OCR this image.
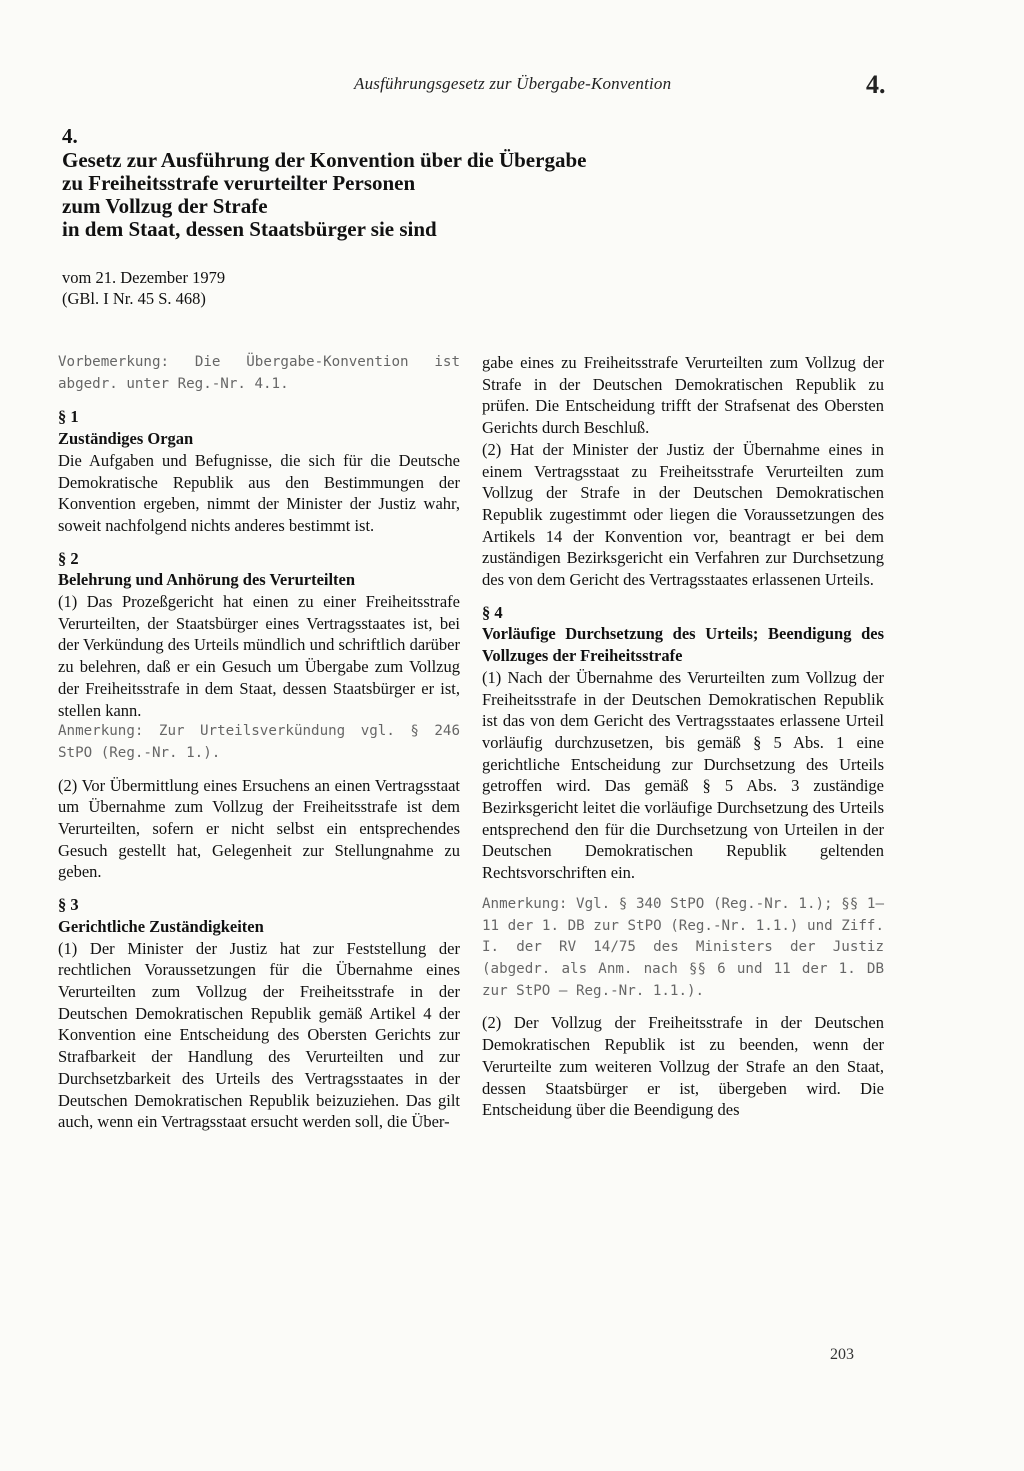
Ausführungsgesetz zur Übergabe-Konvention	4.
4.
Gesetz zur Ausführung der Konvention über die Übergabe
zu Freiheitsstrafe verurteilter Personen
zum Vollzug der Strafe
in dem Staat, dessen Staatsbürger sie sind
vom 21. Dezember 1979
(GBl. I Nr. 45 S. 468)

Vorbemerkung: Die Übergabe-Konvention ist abgedr. unter Reg.-Nr. 4.1.

§ 1

Zuständiges Organ

Die Aufgaben und Befugnisse, die sich für die Deutsche Demokratische Republik aus den Bestimmungen der Konvention ergeben, nimmt der Minister der Justiz wahr, soweit nachfolgend nichts anderes bestimmt ist.

§ 2

Belehrung und Anhörung des Verurteilten

(1) Das Prozeßgericht hat einen zu einer Freiheitsstrafe Verurteilten, der Staatsbürger eines Vertragsstaates ist, bei der Verkündung des Urteils mündlich und schriftlich darüber zu belehren, daß er ein Gesuch um Übergabe zum Vollzug der Freiheitsstrafe in dem Staat, dessen Staatsbürger er ist, stellen kann.

Anmerkung: Zur Urteilsverkündung vgl. § 246 StPO (Reg.-Nr. 1.).

(2) Vor Übermittlung eines Ersuchens an einen Vertragsstaat um Übernahme zum Vollzug der Freiheitsstrafe ist dem Verurteilten, sofern er nicht selbst ein entsprechendes Gesuch gestellt hat, Gelegenheit zur Stellungnahme zu geben.

§ 3

Gerichtliche Zuständigkeiten

(1) Der Minister der Justiz hat zur Feststellung der rechtlichen Voraussetzungen für die Übernahme eines Verurteilten zum Vollzug der Freiheitsstrafe in der Deutschen Demokratischen Republik gemäß Artikel 4 der Konvention eine Entscheidung des Obersten Gerichts zur Strafbarkeit der Handlung des Verurteilten und zur Durchsetzbarkeit des Urteils des Vertragsstaates in der Deutschen Demokratischen Republik beizuziehen. Das gilt auch, wenn ein Vertragsstaat ersucht werden soll, die Über-

gabe eines zu Freiheitsstrafe Verurteilten zum Vollzug der Strafe in der Deutschen Demokratischen Republik zu prüfen. Die Entscheidung trifft der Strafsenat des Obersten Gerichts durch Beschluß.

(2) Hat der Minister der Justiz der Übernahme eines in einem Vertragsstaat zu Freiheitsstrafe Verurteilten zum Vollzug der Strafe in der Deutschen Demokratischen Republik zugestimmt oder liegen die Voraussetzungen des Artikels 14 der Konvention vor, beantragt er bei dem zuständigen Bezirksgericht ein Verfahren zur Durchsetzung des von dem Gericht des Vertragsstaates erlassenen Urteils.

§ 4

Vorläufige Durchsetzung des Urteils; Beendigung des Vollzuges der Freiheitsstrafe

(1) Nach der Übernahme des Verurteilten zum Vollzug der Freiheitsstrafe in der Deutschen Demokratischen Republik ist das von dem Gericht des Vertragsstaates erlassene Urteil vorläufig durchzusetzen, bis gemäß § 5 Abs. 1 eine gerichtliche Entscheidung zur Durchsetzung des Urteils getroffen wird. Das gemäß § 5 Abs. 3 zuständige Bezirksgericht leitet die vorläufige Durchsetzung des Urteils entsprechend den für die Durchsetzung von Urteilen in der Deutschen Demokratischen Republik geltenden Rechtsvorschriften ein.

Anmerkung: Vgl. § 340 StPO (Reg.-Nr. 1.); §§ 1–11 der 1. DB zur StPO (Reg.-Nr. 1.1.) und Ziff. I. der RV 14/75 des Ministers der Justiz (abgedr. als Anm. nach §§ 6 und 11 der 1. DB zur StPO – Reg.-Nr. 1.1.).

(2) Der Vollzug der Freiheitsstrafe in der Deutschen Demokratischen Republik ist zu beenden, wenn der Verurteilte zum weiteren Vollzug der Strafe an den Staat, dessen Staatsbürger er ist, übergeben wird. Die Entscheidung über die Beendigung des

203
